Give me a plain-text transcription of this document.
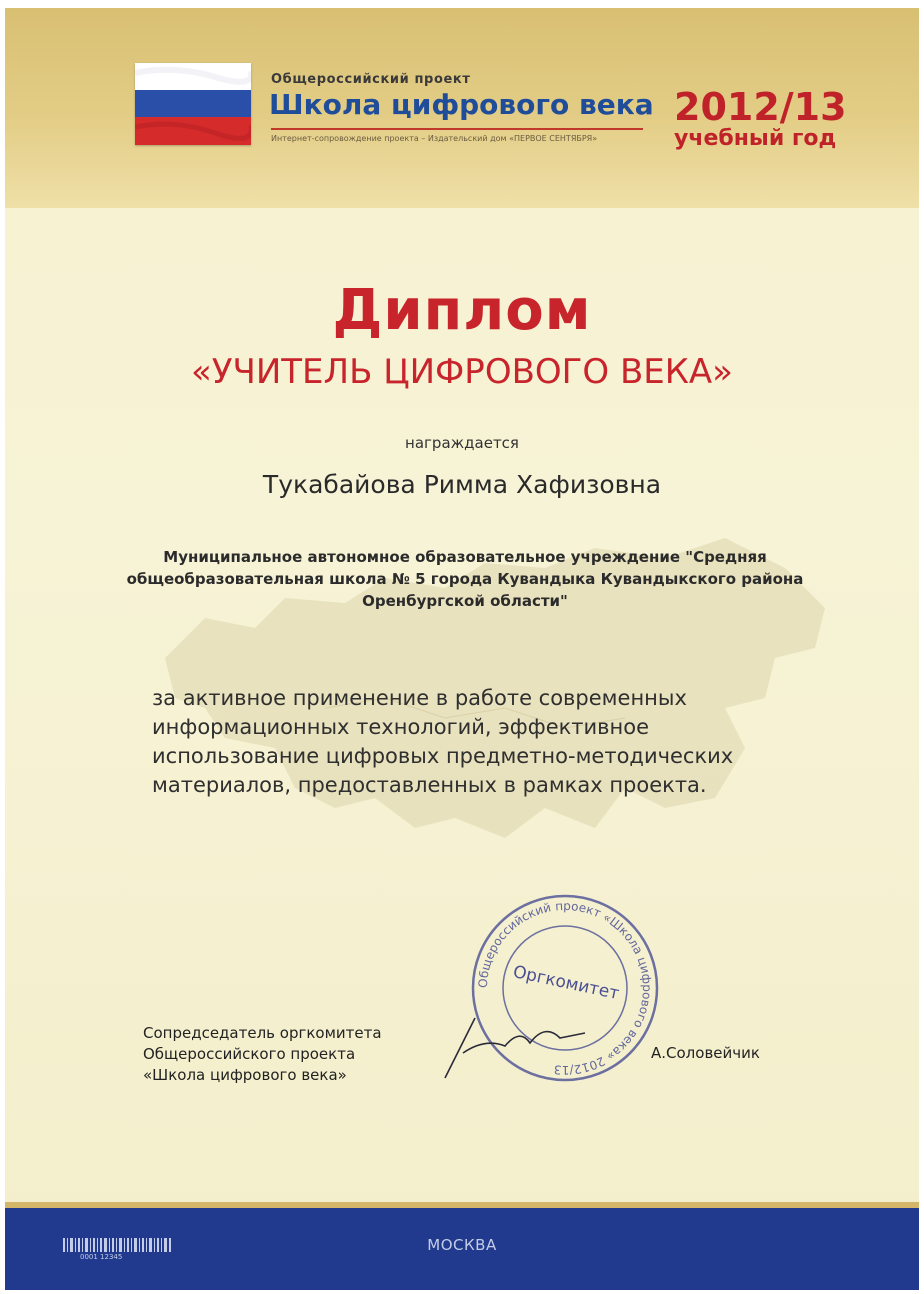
Общероссийский проект
Школа цифрового века
Интернет-сопровождение проекта – Издательский дом «ПЕРВОЕ СЕНТЯБРЯ»
2012/13
учебный год
Диплом
«УЧИТЕЛЬ ЦИФРОВОГО ВЕКА»
награждается
Тукабайова Римма Хафизовна
Муниципальное автономное образовательное учреждение "Средняя общеобразовательная школа № 5 города Кувандыка Кувандыкского района Оренбургской области"
за активное применение в работе современных информационных технологий, эффективное использование цифровых предметно-методических материалов, предоставленных в рамках проекта.
Сопредседатель оргкомитета
Общероссийского проекта
«Школа цифрового века»
Общероссийский проект «Школа цифрового века» 2012/13
Оргкомитет
А.Соловейчик
0001 12345
МОСКВА
